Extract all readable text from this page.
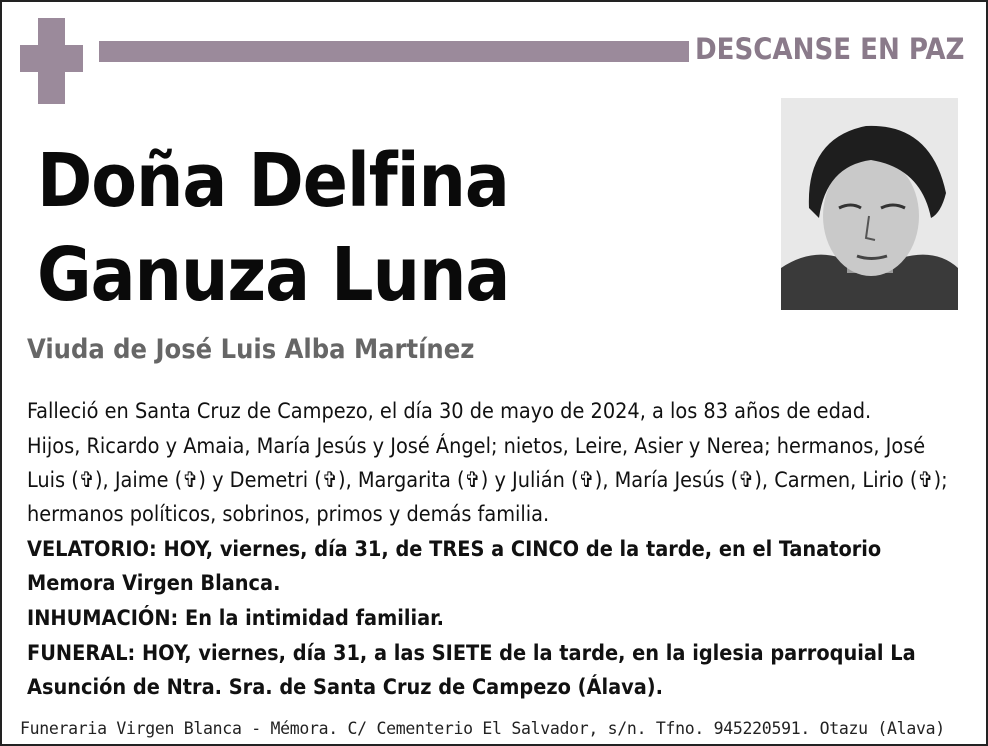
DESCANSE EN PAZ
Doña Delfina
Ganuza Luna
Viuda de José Luis Alba Martínez

Falleció en Santa Cruz de Campezo, el día 30 de mayo de 2024, a los 83 años de edad.

Hijos, Ricardo y Amaia, María Jesús y José Ángel; nietos, Leire, Asier y Nerea; hermanos, José Luis (✞), Jaime (✞) y Demetri (✞), Margarita (✞) y Julián (✞), María Jesús (✞), Carmen, Lirio (✞); hermanos políticos, sobrinos, primos y demás familia.

VELATORIO: HOY, viernes, día 31, de TRES a CINCO de la tarde, en el Tanatorio Memora Virgen Blanca.

INHUMACIÓN: En la intimidad familiar.

FUNERAL: HOY, viernes, día 31, a las SIETE de la tarde, en la iglesia parroquial La Asunción de Ntra. Sra. de Santa Cruz de Campezo (Álava).

Funeraria Virgen Blanca - Mémora. C/ Cementerio El Salvador, s/n. Tfno. 945220591. Otazu (Alava)
